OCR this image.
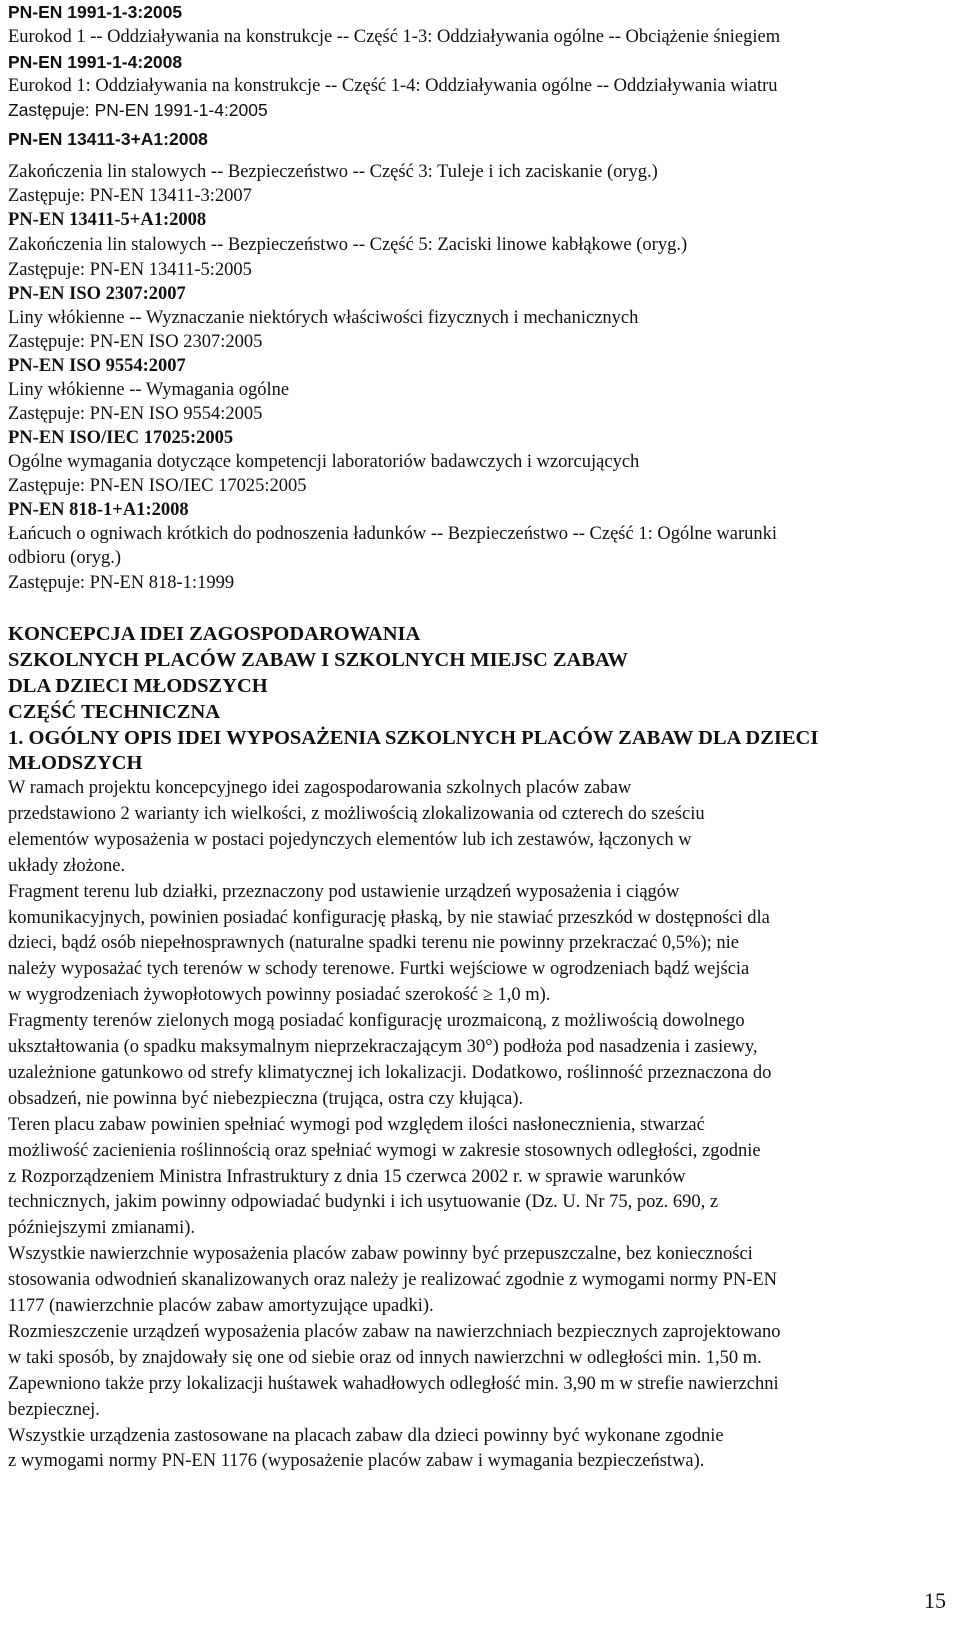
PN-EN 1991-1-3:2005

Eurokod 1 -- Oddziaływania na konstrukcje -- Część 1-3: Oddziaływania ogólne -- Obciążenie śniegiem

PN-EN 1991-1-4:2008

Eurokod 1: Oddziaływania na konstrukcje -- Część 1-4: Oddziaływania ogólne -- Oddziaływania wiatru

Zastępuje: PN-EN 1991-1-4:2005

PN-EN 13411-3+A1:2008

Zakończenia lin stalowych -- Bezpieczeństwo -- Część 3: Tuleje i ich zaciskanie (oryg.)

Zastępuje: PN-EN 13411-3:2007

PN-EN 13411-5+A1:2008

Zakończenia lin stalowych -- Bezpieczeństwo -- Część 5: Zaciski linowe kabłąkowe (oryg.)

Zastępuje: PN-EN 13411-5:2005

PN-EN ISO 2307:2007

Liny włókienne -- Wyznaczanie niektórych właściwości fizycznych i mechanicznych

Zastępuje: PN-EN ISO 2307:2005

PN-EN ISO 9554:2007

Liny włókienne -- Wymagania ogólne

Zastępuje: PN-EN ISO 9554:2005

PN-EN ISO/IEC 17025:2005

Ogólne wymagania dotyczące kompetencji laboratoriów badawczych i wzorcujących

Zastępuje: PN-EN ISO/IEC 17025:2005

PN-EN 818-1+A1:2008

Łańcuch o ogniwach krótkich do podnoszenia ładunków -- Bezpieczeństwo -- Część 1: Ogólne warunki

odbioru (oryg.)

Zastępuje: PN-EN 818-1:1999

KONCEPCJA IDEI ZAGOSPODAROWANIA

SZKOLNYCH PLACÓW ZABAW I SZKOLNYCH MIEJSC ZABAW

DLA DZIECI MŁODSZYCH

CZĘŚĆ TECHNICZNA

1. OGÓLNY OPIS IDEI WYPOSAŻENIA SZKOLNYCH PLACÓW ZABAW DLA DZIECI

MŁODSZYCH

W ramach projektu koncepcyjnego idei zagospodarowania szkolnych placów zabaw

przedstawiono 2 warianty ich wielkości, z możliwością zlokalizowania od czterech do sześciu

elementów wyposażenia w postaci pojedynczych elementów lub ich zestawów, łączonych w

układy złożone.

Fragment terenu lub działki, przeznaczony pod ustawienie urządzeń wyposażenia i ciągów

komunikacyjnych, powinien posiadać konfigurację płaską, by nie stawiać przeszkód w dostępności dla

dzieci, bądź osób niepełnosprawnych (naturalne spadki terenu nie powinny przekraczać 0,5%); nie

należy wyposażać tych terenów w schody terenowe. Furtki wejściowe w ogrodzeniach bądź wejścia

w wygrodzeniach żywopłotowych powinny posiadać szerokość ≥ 1,0 m).

Fragmenty terenów zielonych mogą posiadać konfigurację urozmaiconą, z możliwością dowolnego

ukształtowania (o spadku maksymalnym nieprzekraczającym 30°) podłoża pod nasadzenia i zasiewy,

uzależnione gatunkowo od strefy klimatycznej ich lokalizacji. Dodatkowo, roślinność przeznaczona do

obsadzeń, nie powinna być niebezpieczna (trująca, ostra czy kłująca).

Teren placu zabaw powinien spełniać wymogi pod względem ilości nasłonecznienia, stwarzać

możliwość zacienienia roślinnością oraz spełniać wymogi w zakresie stosownych odległości, zgodnie

z Rozporządzeniem Ministra Infrastruktury z dnia 15 czerwca 2002 r. w sprawie warunków

technicznych, jakim powinny odpowiadać budynki i ich usytuowanie (Dz. U. Nr 75, poz. 690, z

późniejszymi zmianami).

Wszystkie nawierzchnie wyposażenia placów zabaw powinny być przepuszczalne, bez konieczności

stosowania odwodnień skanalizowanych oraz należy je realizować zgodnie z wymogami normy PN-EN

1177 (nawierzchnie placów zabaw amortyzujące upadki).

Rozmieszczenie urządzeń wyposażenia placów zabaw na nawierzchniach bezpiecznych zaprojektowano

w taki sposób, by znajdowały się one od siebie oraz od innych nawierzchni w odległości min. 1,50 m.

Zapewniono także przy lokalizacji huśtawek wahadłowych odległość min. 3,90 m w strefie nawierzchni

bezpiecznej.

Wszystkie urządzenia zastosowane na placach zabaw dla dzieci powinny być wykonane zgodnie

z wymogami normy PN-EN 1176 (wyposażenie placów zabaw i wymagania bezpieczeństwa).

15
